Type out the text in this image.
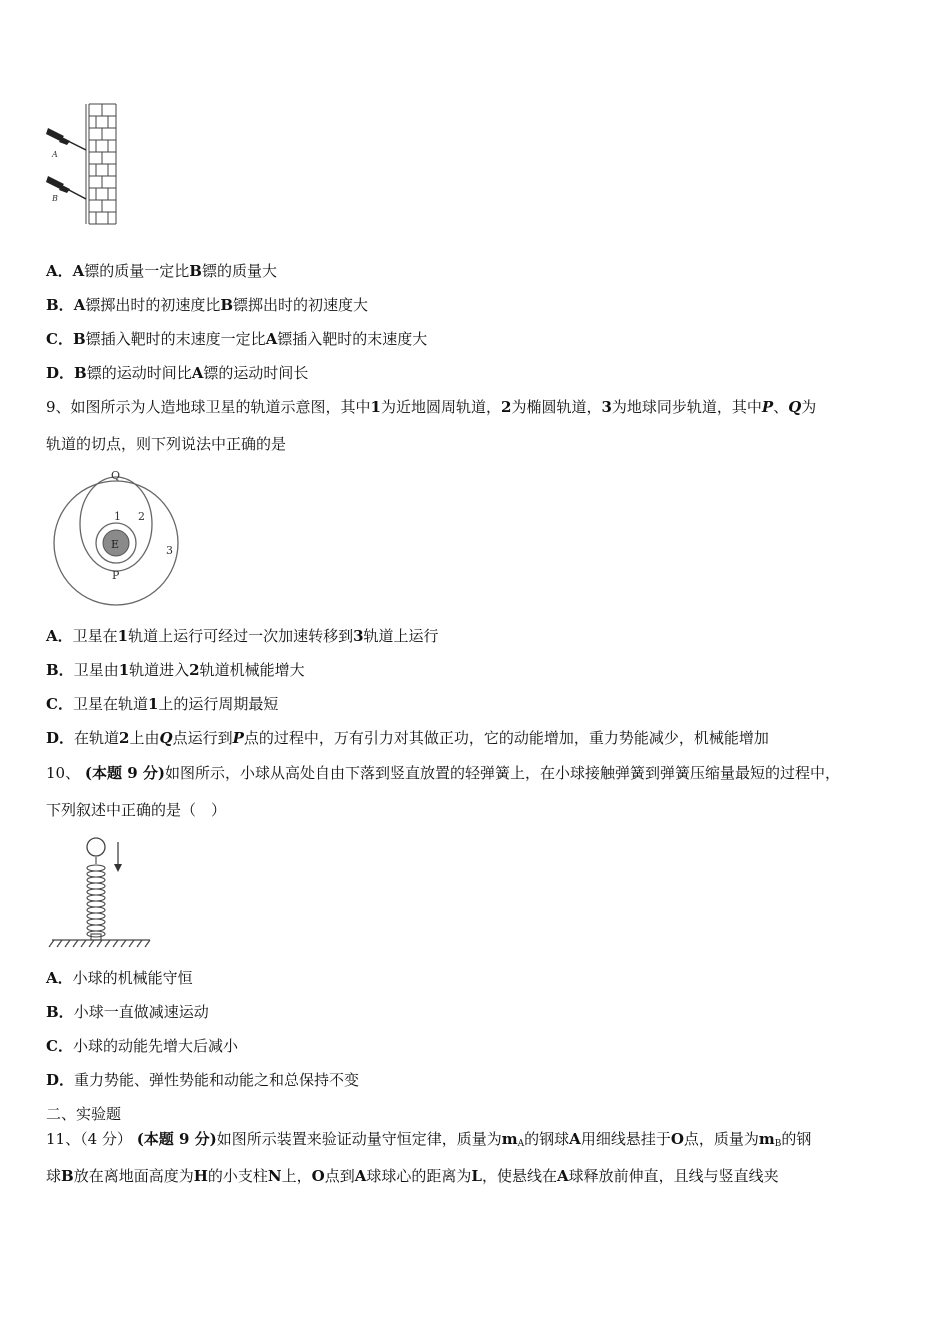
A
B
A．A镖的质量一定比B镖的质量大
B．A镖掷出时的初速度比B镖掷出时的初速度大
C．B镖插入靶时的末速度一定比A镖插入靶时的末速度大
D．B镖的运动时间比A镖的运动时间长
9、如图所示为人造地球卫星的轨道示意图，其中1为近地圆周轨道，2为椭圆轨道，3为地球同步轨道，其中P、Q为
轨道的切点，则下列说法中正确的是
E
Q
P
1 2
3
A．卫星在1轨道上运行可经过一次加速转移到3轨道上运行
B．卫星由1轨道进入2轨道机械能增大
C．卫星在轨道1上的运行周期最短
D．在轨道2上由Q点运行到P点的过程中，万有引力对其做正功，它的动能增加，重力势能减少，机械能增加
10、 (本题 9 分)如图所示，小球从高处自由下落到竖直放置的轻弹簧上，在小球接触弹簧到弹簧压缩量最短的过程中，
下列叙述中正确的是（　）
A．小球的机械能守恒
B．小球一直做减速运动
C．小球的动能先增大后减小
D．重力势能、弹性势能和动能之和总保持不变
二、实验题
11、（4 分） (本题 9 分)如图所示装置来验证动量守恒定律，质量为$m_A$的钢球A用细线悬挂于O点，质量为$m_B$的钢
球B放在离地面高度为H的小支柱N上，O点到A球球心的距离为L，使悬线在A球释放前伸直，且线与竖直线夹
